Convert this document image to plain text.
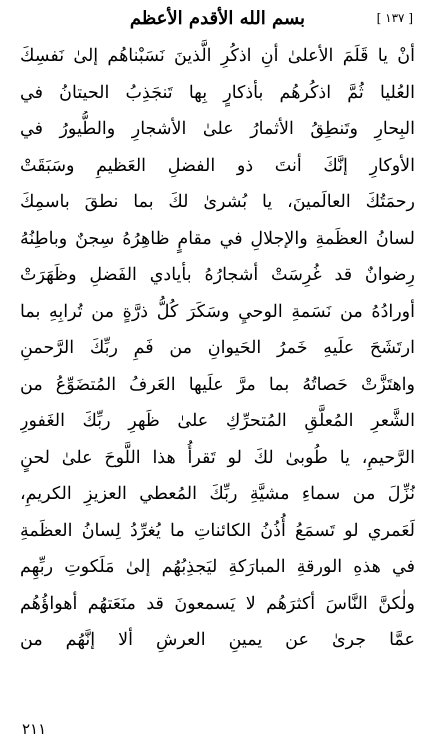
[ ١٣٧ ]
بسم الله الأقدم الأعظم
أنْ يا قَلَمَ الأعلىٰ أنِ اذكُرِ الَّذينَ نَسَبْناهُم إلىٰ نَفسِكَ
العُليا ثُمَّ اذكُرهُم بأذكارٍ بِها تَنجَذِبُ الحيتانُ في
البِحارِ وتَنطِقُ الأثمارُ علىٰ الأشجارِ والطُّيورُ في
الأوكارِ إنَّكَ أنتَ ذو الفضلِ العَظيمِ وسَبَقَتْ
رحمَتُكَ العالَمينَ، يا بُشرىٰ لكَ بما نطقَ باسمِكَ
لسانُ العظَمةِ والإجلالِ في مقامٍ ظاهِرُهُ سِجنٌ وباطِنُهُ
رِضوانٌ قد غُرِسَتْ أشجارُهُ بأيادي الفَضلِ وظَهَرَتْ
أورادُهُ من نَسَمةِ الوحيِ وسَكَرَ كُلُّ ذرَّةٍ من تُرابِهِ بما
ارتَشَحَ علَيهِ خَمرُ الحَيوانِ من فَمِ ربِّكَ الرَّحمنِ
واهتَزَّتْ حَصاتُهُ بما مرَّ علَيها العَرفُ المُتضَوِّعُ من
الشَّعرِ المُعلَّقِ المُتحرِّكِ علىٰ ظَهرِ ربِّكَ الغَفورِ
الرَّحيمِ، يا طُوبىٰ لكَ لو تَقرأُ هذا اللَّوحَ علىٰ لحنٍ
نُزِّلَ من سماءِ مشيَّةِ ربِّكَ المُعطي العزيزِ الكريمِ،
لَعَمري لو تَسمَعُ أُذُنُ الكائناتِ ما يُغرِّدُ لِسانُ العظَمةِ
في هذهِ الورقةِ المبارَكةِ ليَجذِبُهُم إلىٰ مَلَكوتِ ربِّهِم
ولٰكنَّ النَّاسَ أكثرَهُم لا يَسمعونَ قد منَعَتهُم أهواؤُهُم
عمَّا جرىٰ عن يمينِ العرشِ ألا إنَّهُم من
٢١١
